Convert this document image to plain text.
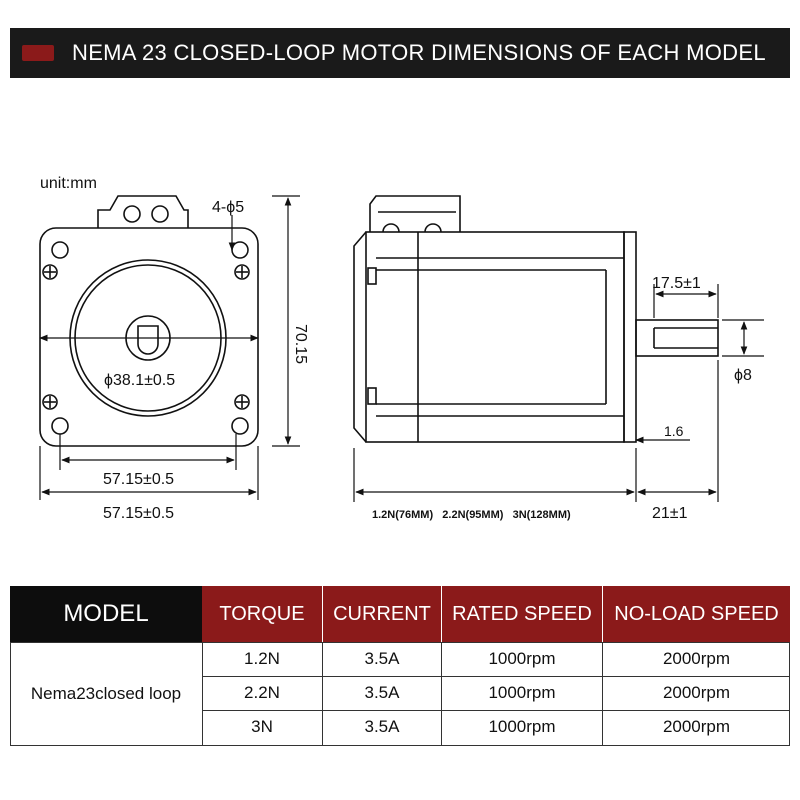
NEMA 23 CLOSED-LOOP MOTOR DIMENSIONS OF EACH MODEL
unit:mm
4-ϕ5
ϕ38.1±0.5
70.15
57.15±0.5
57.15±0.5
17.5±1
ϕ8
1.6
1.2N(76MM)   2.2N(95MM)   3N(128MM)	21±1
MODEL	TORQUE	CURRENT	RATED SPEED	NO-LOAD SPEED
Nema23closed loop
1.2N	3.5A	1000rpm	2000rpm
2.2N	3.5A	1000rpm	2000rpm
3N	3.5A	1000rpm	2000rpm
